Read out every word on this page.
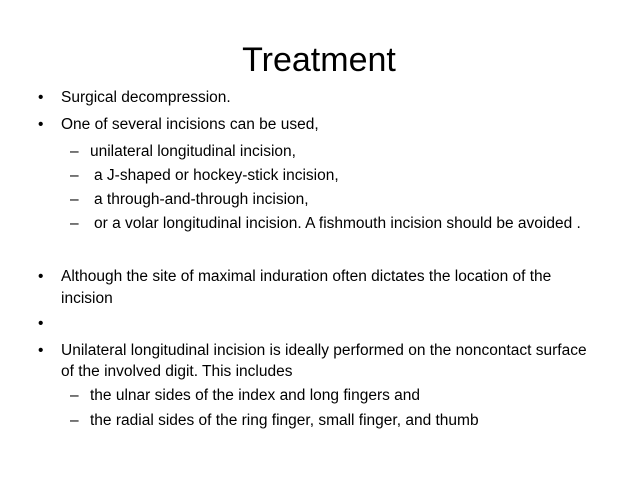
Treatment
•	Surgical decompression.
•	One of several incisions can be used,
– unilateral longitudinal incision,
– a J-shaped or hockey-stick incision,
– a through-and-through incision,
– or a volar longitudinal incision. A fishmouth incision should be avoided .
•	Although the site of maximal induration often dictates the location of the
incision
•
•	Unilateral longitudinal incision is ideally performed on the noncontact surface
of the involved digit. This includes
– the ulnar sides of the index and long fingers and
– the radial sides of the ring finger, small finger, and thumb
